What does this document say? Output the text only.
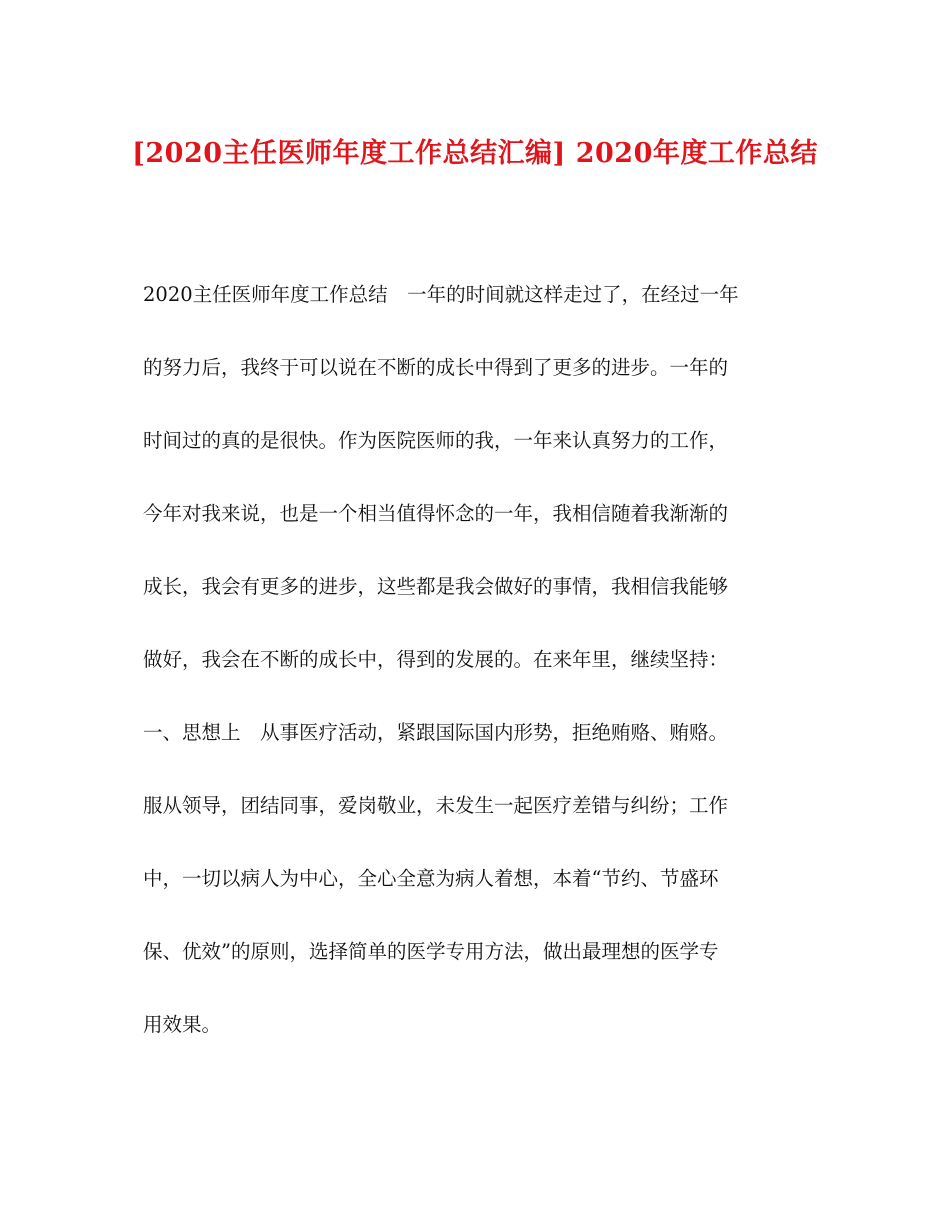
[2020主任医师年度工作总结汇编] 2020年度工作总结
2020主任医师年度工作总结　一年的时间就这样走过了，在经过一年
的努力后，我终于可以说在不断的成长中得到了更多的进步。一年的
时间过的真的是很快。作为医院医师的我，一年来认真努力的工作，
今年对我来说，也是一个相当值得怀念的一年，我相信随着我渐渐的
成长，我会有更多的进步，这些都是我会做好的事情，我相信我能够
做好，我会在不断的成长中，得到的发展的。在来年里，继续坚持：
一、思想上　从事医疗活动，紧跟国际国内形势，拒绝贿赂、贿赂。
服从领导，团结同事，爱岗敬业，未发生一起医疗差错与纠纷；工作
中，一切以病人为中心，全心全意为病人着想，本着“节约、节盛环
保、优效”的原则，选择简单的医学专用方法，做出最理想的医学专
用效果。
